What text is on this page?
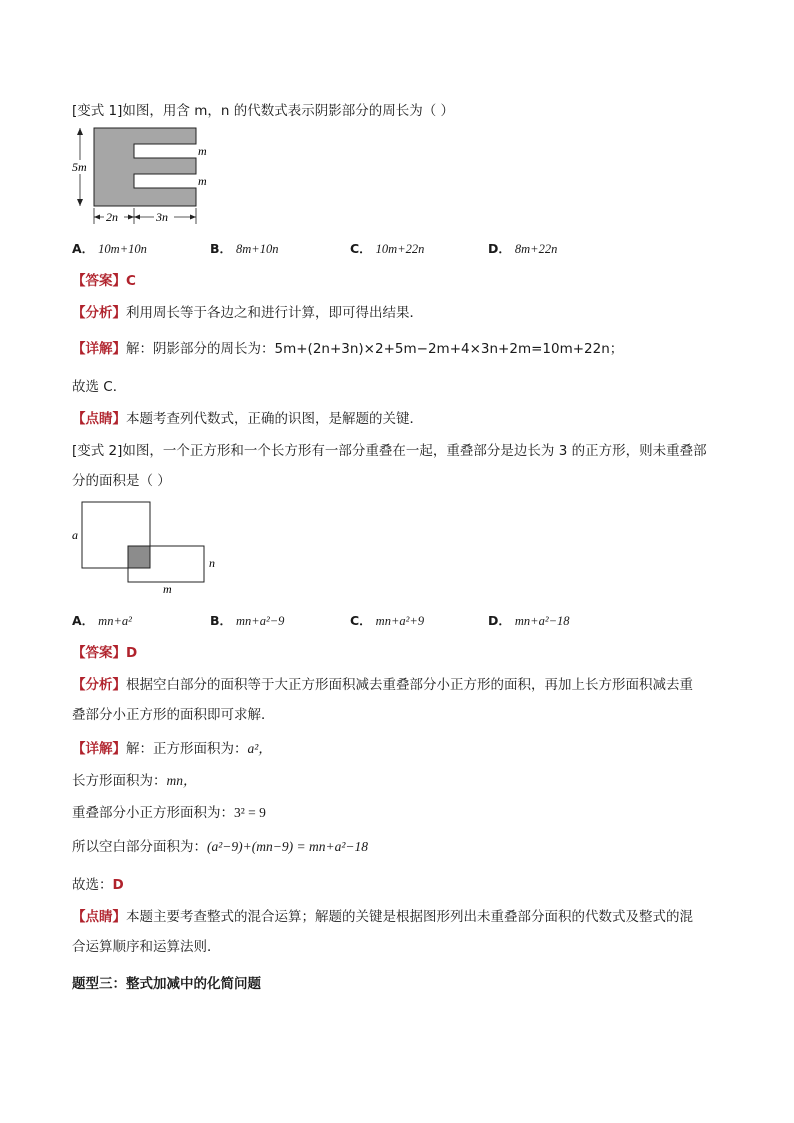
[变式 1]如图，用含 m，n 的代数式表示阴影部分的周长为（ ）
5m
m
m
2n	3n
A． 10m+10n	B． 8m+10n	C． 10m+22n	D． 8m+22n
【答案】C
【分析】利用周长等于各边之和进行计算，即可得出结果．
【详解】解：阴影部分的周长为：5m+(2n+3n)×2+5m−2m+4×3n+2m=10m+22n；
故选 C．
【点睛】本题考查列代数式，正确的识图，是解题的关键．
[变式 2]如图，一个正方形和一个长方形有一部分重叠在一起，重叠部分是边长为 3 的正方形，则未重叠部
分的面积是（ ）
a
n
m
A． mn+a²	B． mn+a²−9	C． mn+a²+9	D． mn+a²−18
【答案】D
【分析】根据空白部分的面积等于大正方形面积减去重叠部分小正方形的面积，再加上长方形面积减去重
叠部分小正方形的面积即可求解．
【详解】解：正方形面积为：a²，
长方形面积为：mn，
重叠部分小正方形面积为：3² = 9
所以空白部分面积为：(a²−9)+(mn−9) = mn+a²−18
故选：D
【点睛】本题主要考查整式的混合运算；解题的关键是根据图形列出未重叠部分面积的代数式及整式的混
合运算顺序和运算法则．
题型三：整式加减中的化简问题
